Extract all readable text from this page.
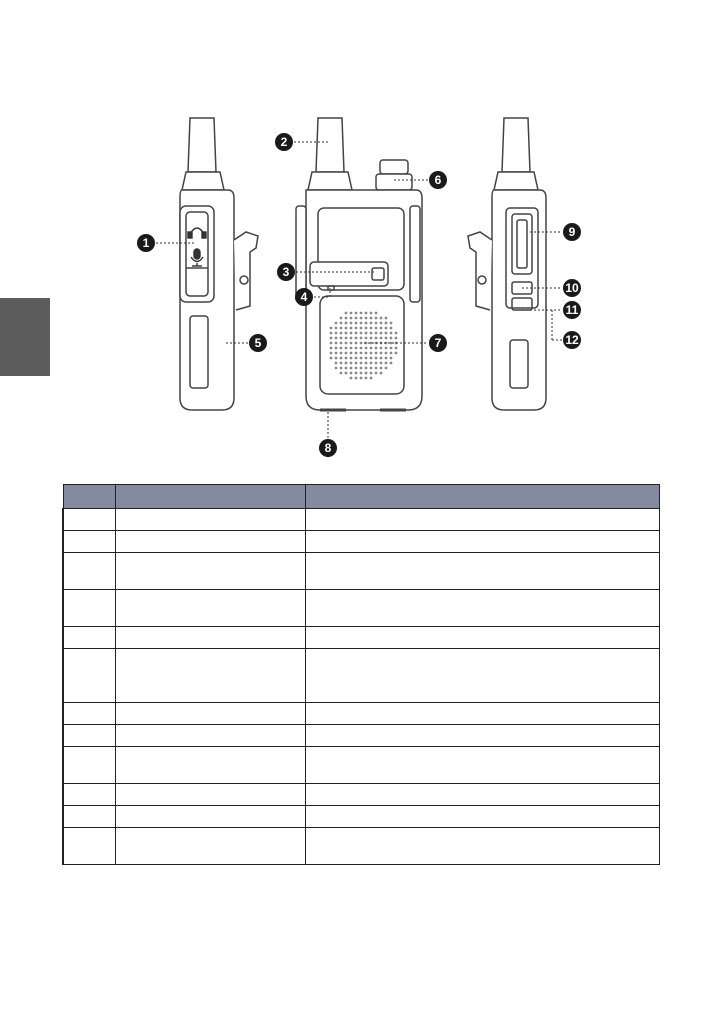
1
2
3
4
5
6
7
8
9
10
11
12
